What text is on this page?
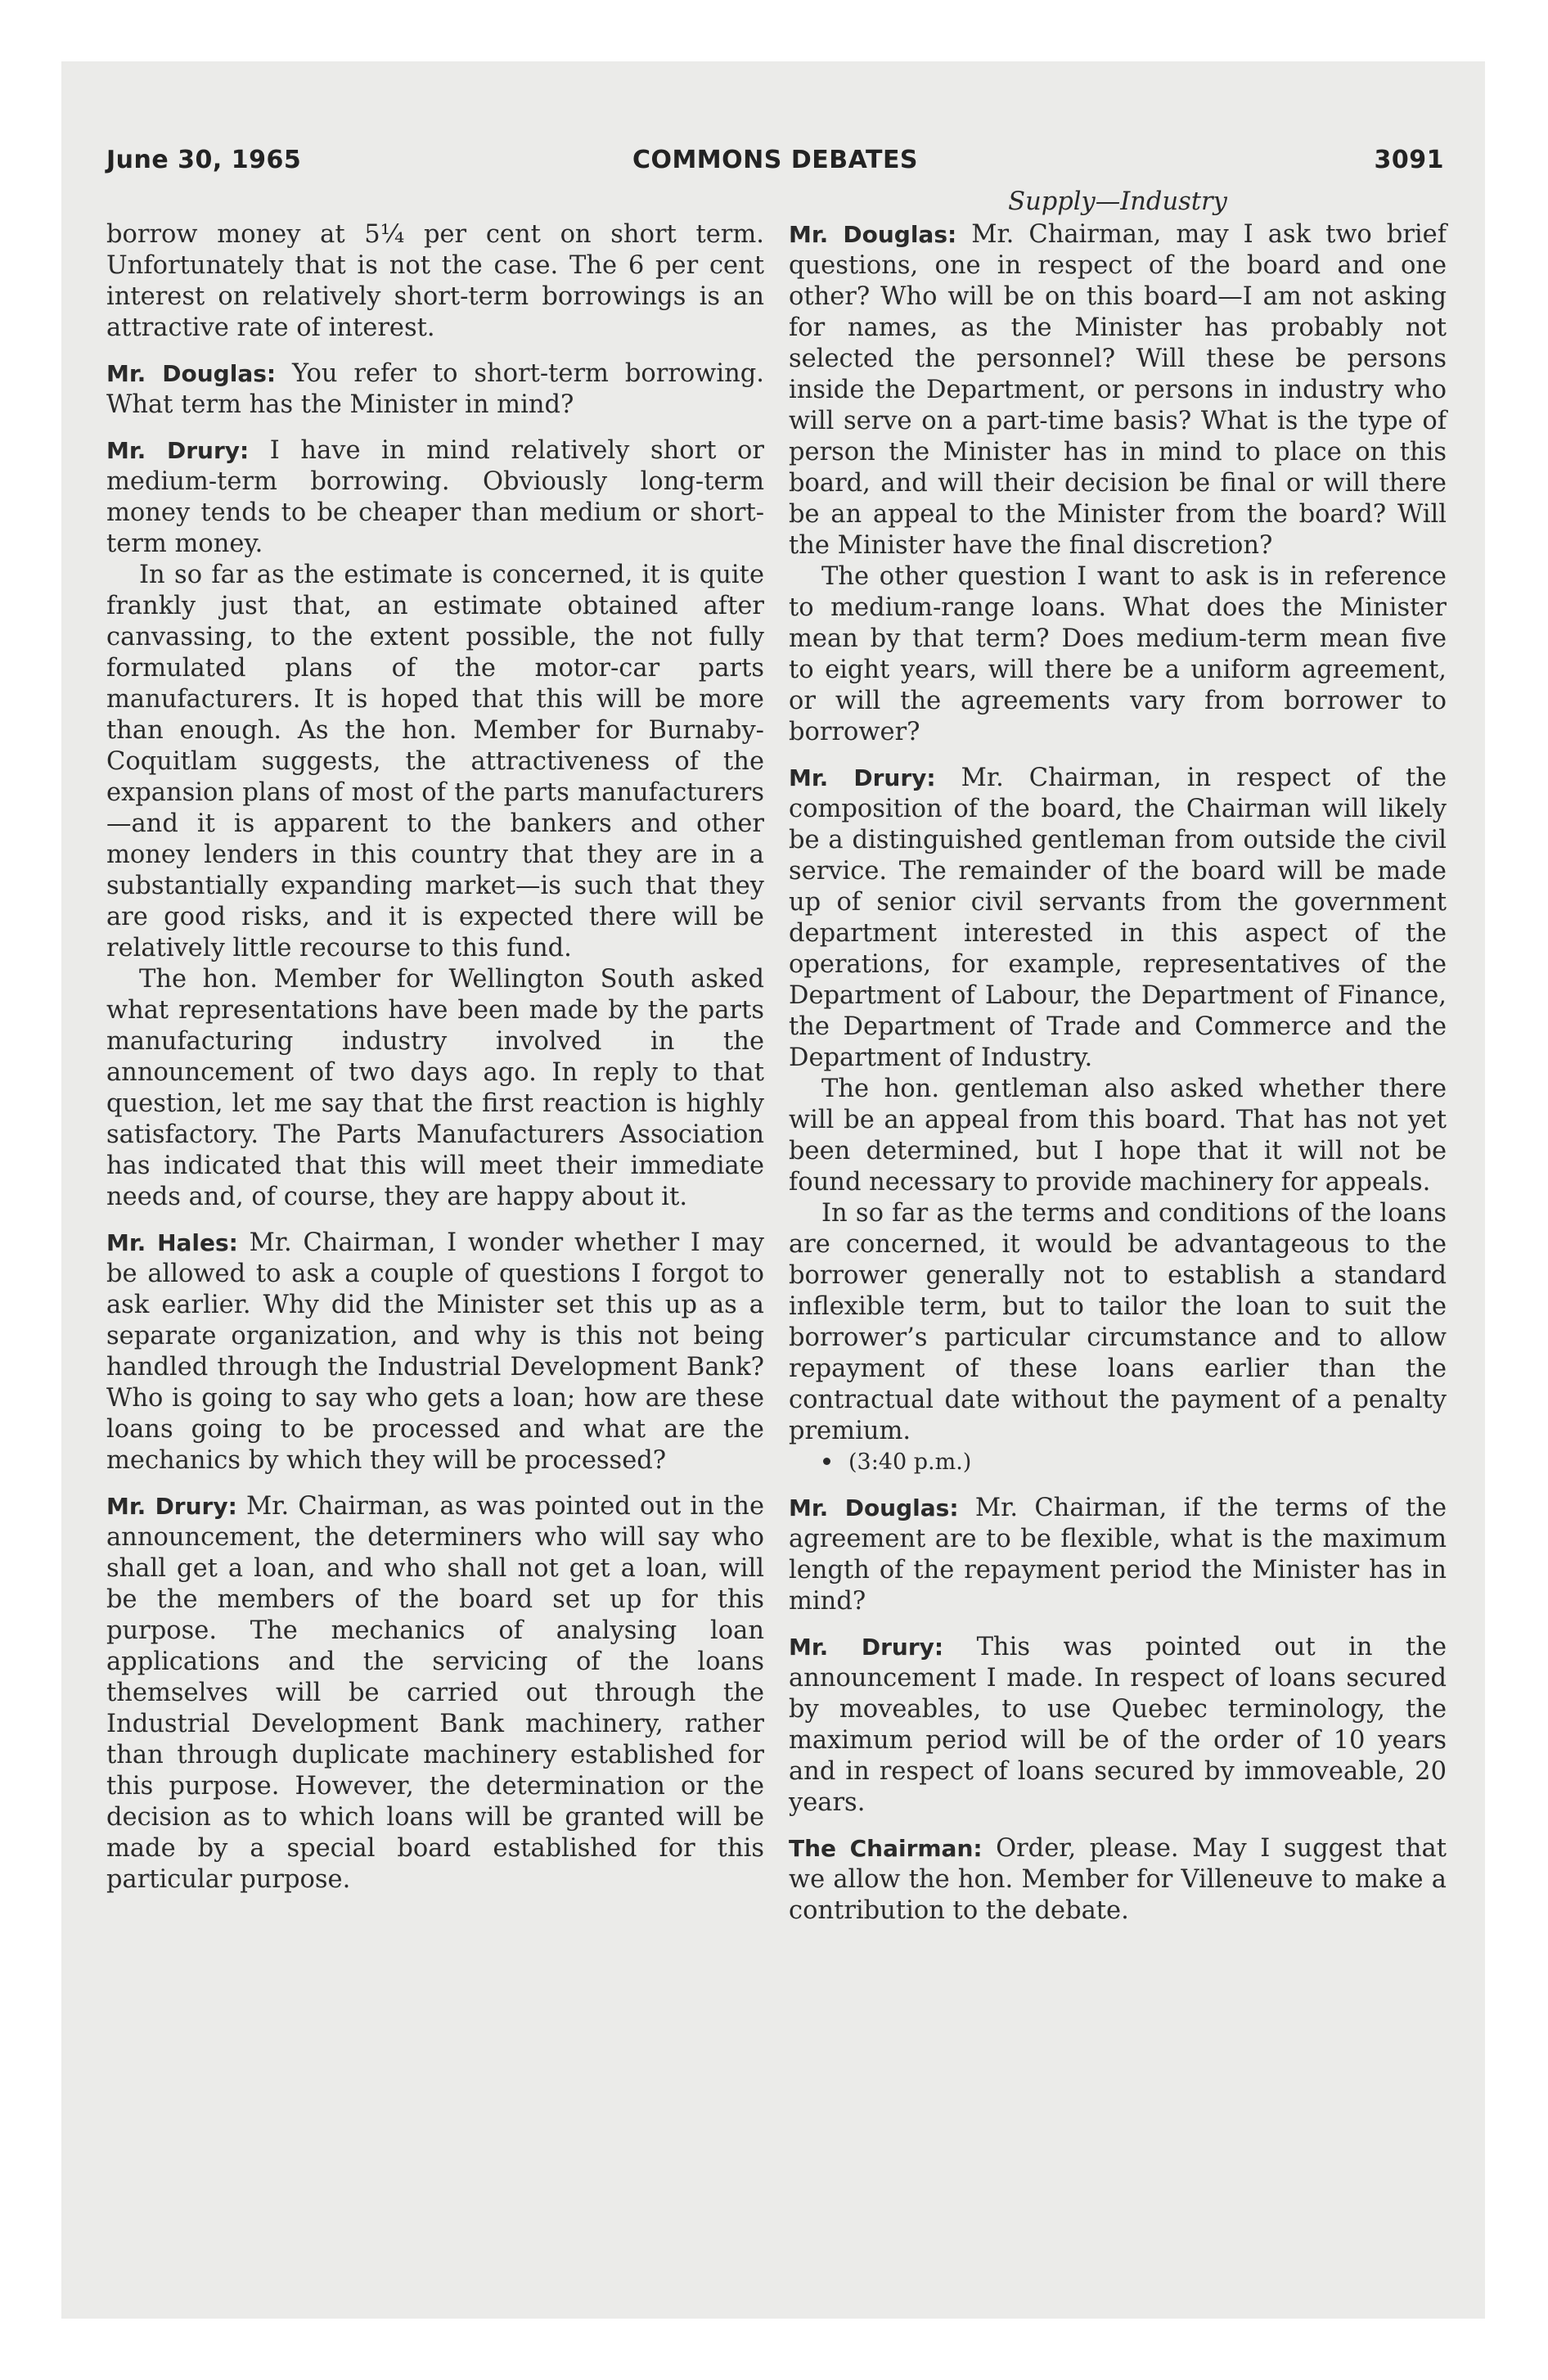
June 30, 1965	COMMONS DEBATES	3091

borrow money at 5¼ per cent on short term. Unfortunately that is not the case. The 6 per cent interest on relatively short-term borrowings is an attractive rate of interest.

Mr. Douglas: You refer to short-term borrowing. What term has the Minister in mind?

Mr. Drury: I have in mind relatively short or medium-term borrowing. Obviously long-term money tends to be cheaper than medium or short-term money.

In so far as the estimate is concerned, it is quite frankly just that, an estimate obtained after canvassing, to the extent possible, the not fully formulated plans of the motor-car parts manufacturers. It is hoped that this will be more than enough. As the hon. Member for Burnaby-Coquitlam suggests, the attractiveness of the expansion plans of most of the parts manufacturers—and it is apparent to the bankers and other money lenders in this country that they are in a substantially expanding market—is such that they are good risks, and it is expected there will be relatively little recourse to this fund.

The hon. Member for Wellington South asked what representations have been made by the parts manufacturing industry involved in the announcement of two days ago. In reply to that question, let me say that the first reaction is highly satisfactory. The Parts Manufacturers Association has indicated that this will meet their immediate needs and, of course, they are happy about it.

Mr. Hales: Mr. Chairman, I wonder whether I may be allowed to ask a couple of questions I forgot to ask earlier. Why did the Minister set this up as a separate organization, and why is this not being handled through the Industrial Development Bank? Who is going to say who gets a loan; how are these loans going to be processed and what are the mechanics by which they will be processed?

Mr. Drury: Mr. Chairman, as was pointed out in the announcement, the determiners who will say who shall get a loan, and who shall not get a loan, will be the members of the board set up for this purpose. The mechanics of analysing loan applications and the servicing of the loans themselves will be carried out through the Industrial Development Bank machinery, rather than through duplicate machinery established for this purpose. However, the determination or the decision as to which loans will be granted will be made by a special board established for this particular purpose.

Supply—Industry

Mr. Douglas: Mr. Chairman, may I ask two brief questions, one in respect of the board and one other? Who will be on this board—I am not asking for names, as the Minister has probably not selected the personnel? Will these be persons inside the Department, or persons in industry who will serve on a part-time basis? What is the type of person the Minister has in mind to place on this board, and will their decision be final or will there be an appeal to the Minister from the board? Will the Minister have the final discretion?

The other question I want to ask is in reference to medium-range loans. What does the Minister mean by that term? Does medium-term mean five to eight years, will there be a uniform agreement, or will the agreements vary from borrower to borrower?

Mr. Drury: Mr. Chairman, in respect of the composition of the board, the Chairman will likely be a distinguished gentleman from outside the civil service. The remainder of the board will be made up of senior civil servants from the government department interested in this aspect of the operations, for example, representatives of the Department of Labour, the Department of Finance, the Department of Trade and Commerce and the Department of Industry.

The hon. gentleman also asked whether there will be an appeal from this board. That has not yet been determined, but I hope that it will not be found necessary to provide machinery for appeals.

In so far as the terms and conditions of the loans are concerned, it would be advantageous to the borrower generally not to establish a standard inflexible term, but to tailor the loan to suit the borrower’s particular circumstance and to allow repayment of these loans earlier than the contractual date without the payment of a penalty premium.

(3:40 p.m.)

Mr. Douglas: Mr. Chairman, if the terms of the agreement are to be flexible, what is the maximum length of the repayment period the Minister has in mind?

Mr. Drury: This was pointed out in the announcement I made. In respect of loans secured by moveables, to use Quebec terminology, the maximum period will be of the order of 10 years and in respect of loans secured by immoveable, 20 years.

The Chairman: Order, please. May I suggest that we allow the hon. Member for Villeneuve to make a contribution to the debate.
